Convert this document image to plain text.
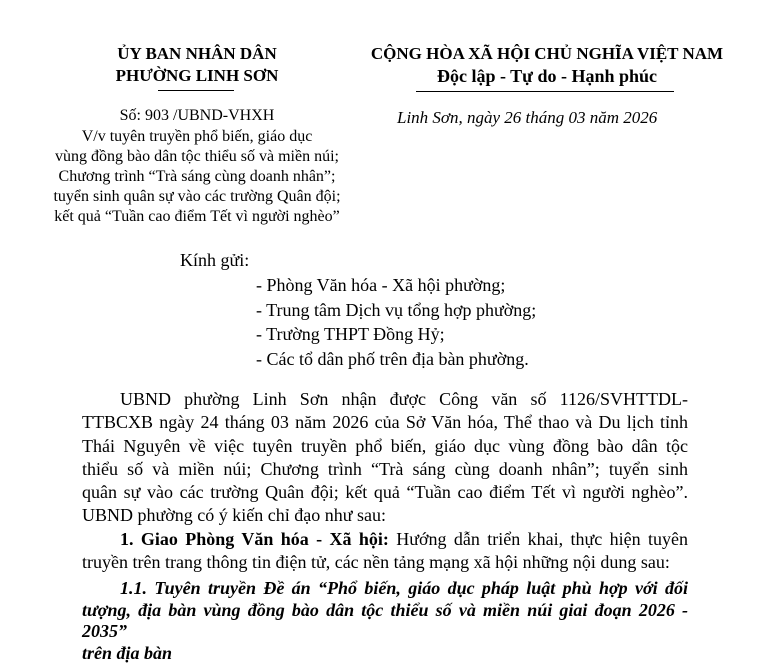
ỦY BAN NHÂN DÂN
PHƯỜNG LINH SƠN
Số: 903 /UBND-VHXH
V/v tuyên truyền phổ biến, giáo dục
vùng đồng bào dân tộc thiểu số và miền núi;
Chương trình “Trà sáng cùng doanh nhân”;
tuyển sinh quân sự vào các trường Quân đội;
kết quả “Tuần cao điểm Tết vì người nghèo”
CỘNG HÒA XÃ HỘI CHỦ NGHĨA VIỆT NAM
Độc lập - Tự do - Hạnh phúc
Linh Sơn, ngày 26 tháng 03 năm 2026
Kính gửi:
- Phòng Văn hóa - Xã hội phường;
- Trung tâm Dịch vụ tổng hợp phường;
- Trường THPT Đồng Hỷ;
- Các tổ dân phố trên địa bàn phường.
UBND phường Linh Sơn nhận được Công văn số 1126/SVHTTDL-
TTBCXB ngày 24 tháng 03 năm 2026 của Sở Văn hóa, Thể thao và Du lịch tỉnh
Thái Nguyên về việc tuyên truyền phổ biến, giáo dục vùng đồng bào dân tộc
thiểu số và miền núi; Chương trình “Trà sáng cùng doanh nhân”; tuyển sinh
quân sự vào các trường Quân đội; kết quả “Tuần cao điểm Tết vì người nghèo”.
UBND phường có ý kiến chỉ đạo như sau:
1. Giao Phòng Văn hóa - Xã hội: Hướng dẫn triển khai, thực hiện tuyên
truyền trên trang thông tin điện tử, các nền tảng mạng xã hội những nội dung sau:
1.1. Tuyên truyền Đề án “Phổ biến, giáo dục pháp luật phù hợp với đối
tượng, địa bàn vùng đồng bào dân tộc thiểu số và miền núi giai đoạn 2026 - 2035”
trên địa bàn
